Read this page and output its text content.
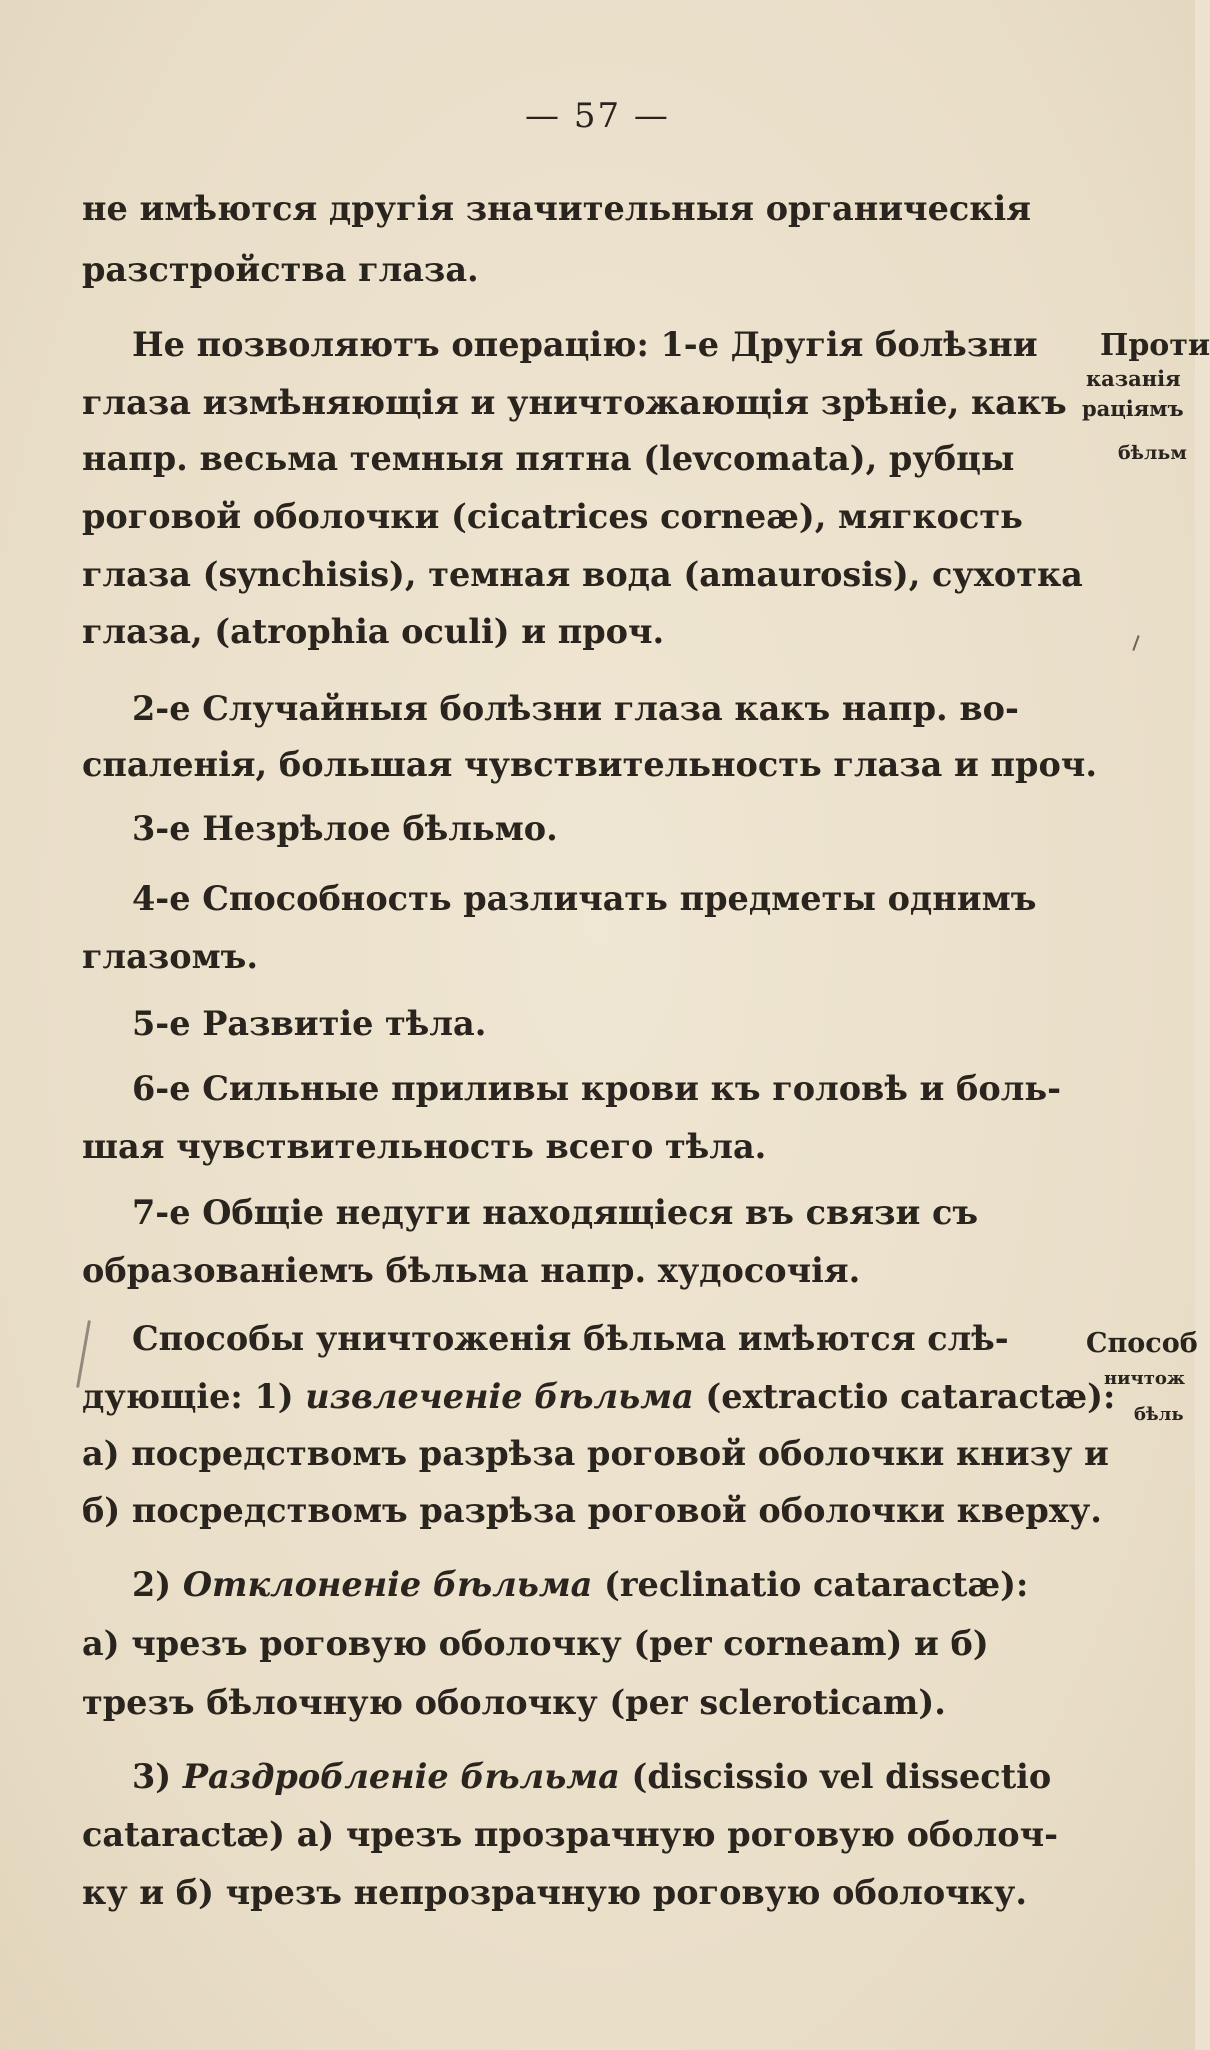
— 57 —
не имѣются другія значительныя органическія
разстройства глаза.
Не позволяютъ операцію: 1-е Другія болѣзни
глаза измѣняющія и уничтожающія зрѣніе, какъ
напр. весьма темныя пятна (levcomata), рубцы
роговой оболочки (cicatrices corneæ), мягкость
глаза (synchisis), темная вода (amaurosis), сухотка
глаза, (atrophia oculi) и проч.
2-е Случайныя болѣзни глаза какъ напр. во-
спаленія, большая чувствительность глаза и проч.
3-е Незрѣлое бѣльмо.
4-е Способность различать предметы однимъ
глазомъ.
5-е Развитіе тѣла.
6-е Сильные приливы крови къ головѣ и боль-
шая чувствительность всего тѣла.
7-е Общіе недуги находящіеся въ связи съ
образованіемъ бѣльма напр. худосочія.
Способы уничтоженія бѣльма имѣются слѣ-
дующіе: 1) извлеченіе бѣльма (extractio cataractæ):
а) посредствомъ разрѣза роговой оболочки книзу и
б) посредствомъ разрѣза роговой оболочки кверху.
2) Отклоненіе бѣльма (reclinatio cataractæ):
а) чрезъ роговую оболочку (per corneam) и б)
трезъ бѣлочную оболочку (per scleroticam).
3) Раздробленіе бѣльма (discissio vel dissectio
cataractæ) а) чрезъ прозрачную роговую оболоч-
ку и б) чрезъ непрозрачную роговую оболочку.
Проти
казанія
раціямъ
бѣльм
Способ
ничтож
бѣль
